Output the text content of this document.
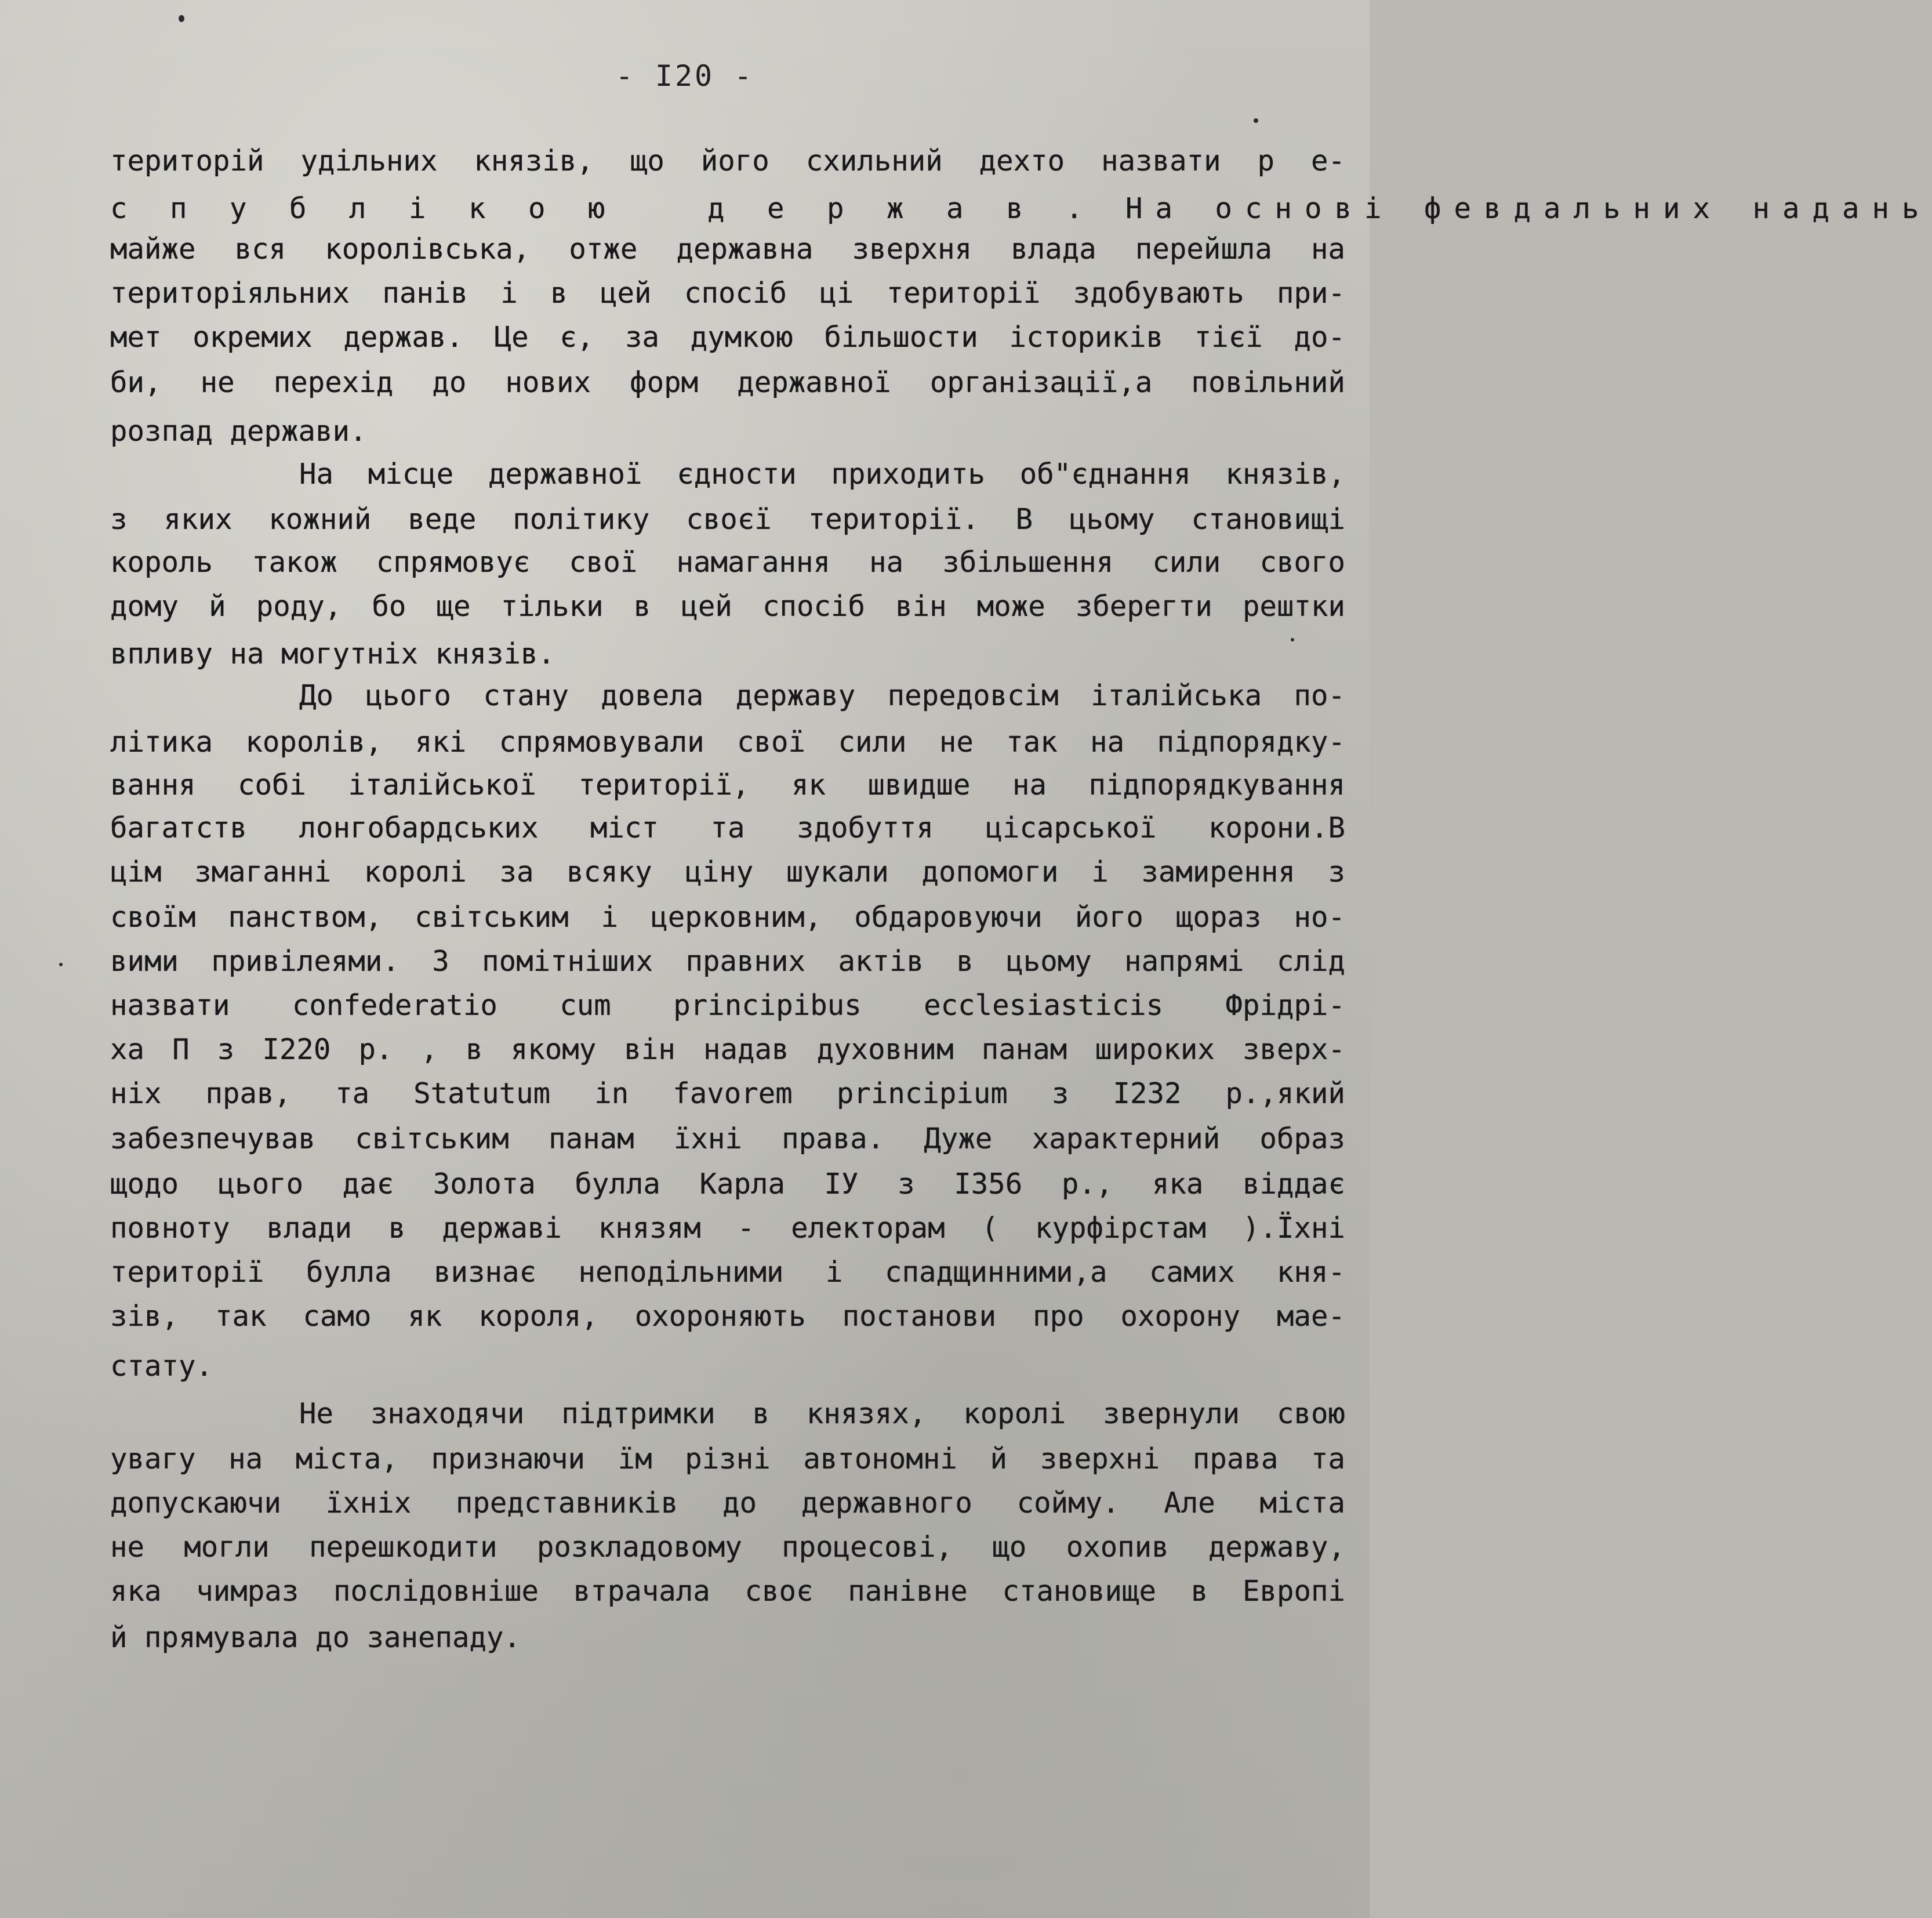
- I20 -
територій удільних князів, що його схильний дехто назвати р е-
с п у б л і к о ю   д е р ж а в . На основі февдальних надань
майже вся королівська, отже державна зверхня влада перейшла на
територіяльних панів і в цей спосіб ці території здобувають при-
мет окремих держав. Це є, за думкою більшости істориків тієї до-
би, не перехід до нових форм державної організації,а повільний
розпад держави.
На місце державної єдности приходить об"єднання князів,
з яких кожний веде політику своєї території. В цьому становищі
король також спрямовує свої намагання на збільшення сили свого
дому й роду, бо ще тільки в цей спосіб він може зберегти рештки
впливу на могутніх князів.
До цього стану довела державу передовсім італійська по-
літика королів, які спрямовували свої сили не так на підпорядку-
вання собі італійської території, як швидше на підпорядкування
багатств лонгобардських міст та здобуття цісарської корони.В
цім змаганні королі за всяку ціну шукали допомоги і замирення з
своїм панством, світським і церковним, обдаровуючи його щораз но-
вими привілеями. З помітніших правних актів в цьому напрямі слід
назвати confederatio cum principibus ecclesiasticis Фрідрі-
ха П з I220 р. , в якому він надав духовним панам широких зверх-
ніх прав, та Statutum in favorem principium з I232 р.,який
забезпечував світським панам їхні права. Дуже характерний образ
щодо цього дає Золота булла Карла ІУ з I356 р., яка віддає
повноту влади в державі князям - електорам ( курфірстам ).Їхні
території булла визнає неподільними і спадщинними,а самих кня-
зів, так само як короля, охороняють постанови про охорону мае-
стату.
Не знаходячи підтримки в князях, королі звернули свою
увагу на міста, признаючи їм різні автономні й зверхні права та
допускаючи їхніх представників до державного сойму. Але міста
не могли перешкодити розкладовому процесові, що охопив державу,
яка чимраз послідовніше втрачала своє панівне становище в Европі
й прямувала до занепаду.
